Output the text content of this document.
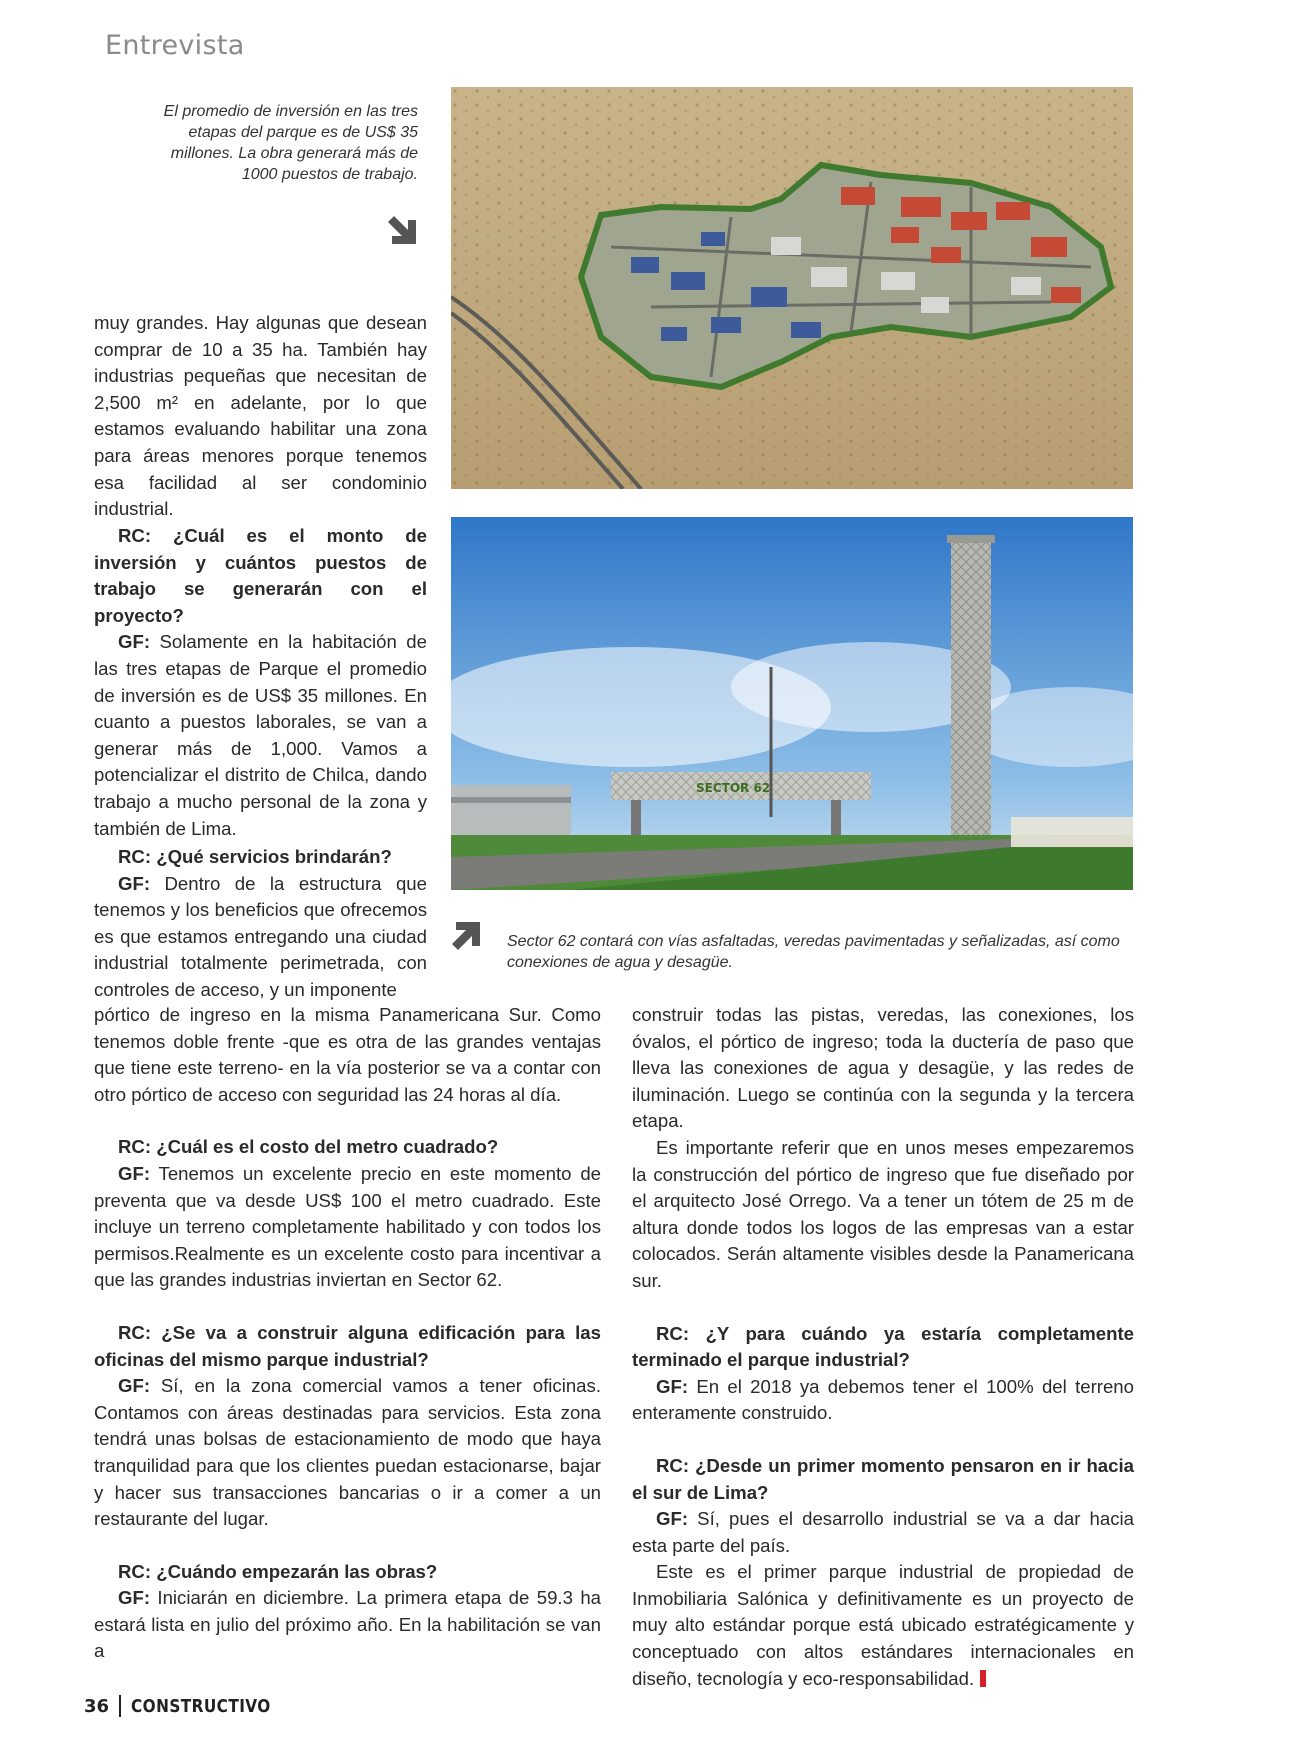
Entrevista

El promedio de inversión en las tres etapas del parque es de US$ 35 millones. La obra generará más de 1000 puestos de trabajo.

muy grandes. Hay algunas que desean comprar de 10 a 35 ha. También hay industrias pequeñas que necesitan de 2,500 m² en adelante, por lo que estamos evaluando habilitar una zona para áreas menores porque tenemos esa facilidad al ser condominio industrial.

SECTOR 62

RC: ¿Cuál es el monto de inversión y cuántos puestos de trabajo se generarán con el proyecto?

GF: Solamente en la habitación de las tres etapas de Parque el promedio de inversión es de US$ 35 millones. En cuanto a puestos laborales, se van a generar más de 1,000. Vamos a potencializar el distrito de Chilca, dando trabajo a mucho personal de la zona y también de Lima.

Sector 62 contará con vías asfaltadas, veredas pavimentadas y señalizadas, así como conexiones de agua y desagüe.

RC: ¿Qué servicios brindarán?

GF: Dentro de la estructura que tenemos y los beneficios que ofrecemos es que estamos entregando una ciudad industrial totalmente perimetrada, con controles de acceso, y un imponente

pórtico de ingreso en la misma Panamericana Sur. Como tenemos doble frente -que es otra de las grandes ventajas que tiene este terreno- en la vía posterior se va a contar con otro pórtico de acceso con seguridad las 24 horas al día.

RC: ¿Cuál es el costo del metro cuadrado?

GF: Tenemos un excelente precio en este momento de preventa que va desde US$ 100 el metro cuadrado. Este incluye un terreno completamente habilitado y con todos los permisos.Realmente es un excelente costo para incentivar a que las grandes industrias inviertan en Sector 62.

RC: ¿Se va a construir alguna edificación para las oficinas del mismo parque industrial?

GF: Sí, en la zona comercial vamos a tener oficinas. Contamos con áreas destinadas para servicios. Esta zona tendrá unas bolsas de estacionamiento de modo que haya tranquilidad para que los clientes puedan estacionarse, bajar y hacer sus transacciones bancarias o ir a comer a un restaurante del lugar.

RC: ¿Cuándo empezarán las obras?

GF: Iniciarán en diciembre. La primera etapa de 59.3 ha estará lista en julio del próximo año. En la habilitación se van a

construir todas las pistas, veredas, las conexiones, los óvalos, el pórtico de ingreso; toda la ductería de paso que lleva las conexiones de agua y desagüe, y las redes de iluminación. Luego se continúa con la segunda y la tercera etapa.

Es importante referir que en unos meses empezaremos la construcción del pórtico de ingreso que fue diseñado por el arquitecto José Orrego. Va a tener un tótem de 25 m de altura donde todos los logos de las empresas van a estar colocados. Serán altamente visibles desde la Panamericana sur.

RC: ¿Y para cuándo ya estaría completamente terminado el parque industrial?

GF: En el 2018 ya debemos tener el 100% del terreno enteramente construido.

RC: ¿Desde un primer momento pensaron en ir hacia el sur de Lima?

GF: Sí, pues el desarrollo industrial se va a dar hacia esta parte del país.

Este es el primer parque industrial de propiedad de Inmobiliaria Salónica y definitivamente es un proyecto de muy alto estándar porque está ubicado estratégicamente y conceptuado con altos estándares internacionales en diseño, tecnología y eco-responsabilidad.

36 CONSTRUCTIVO
